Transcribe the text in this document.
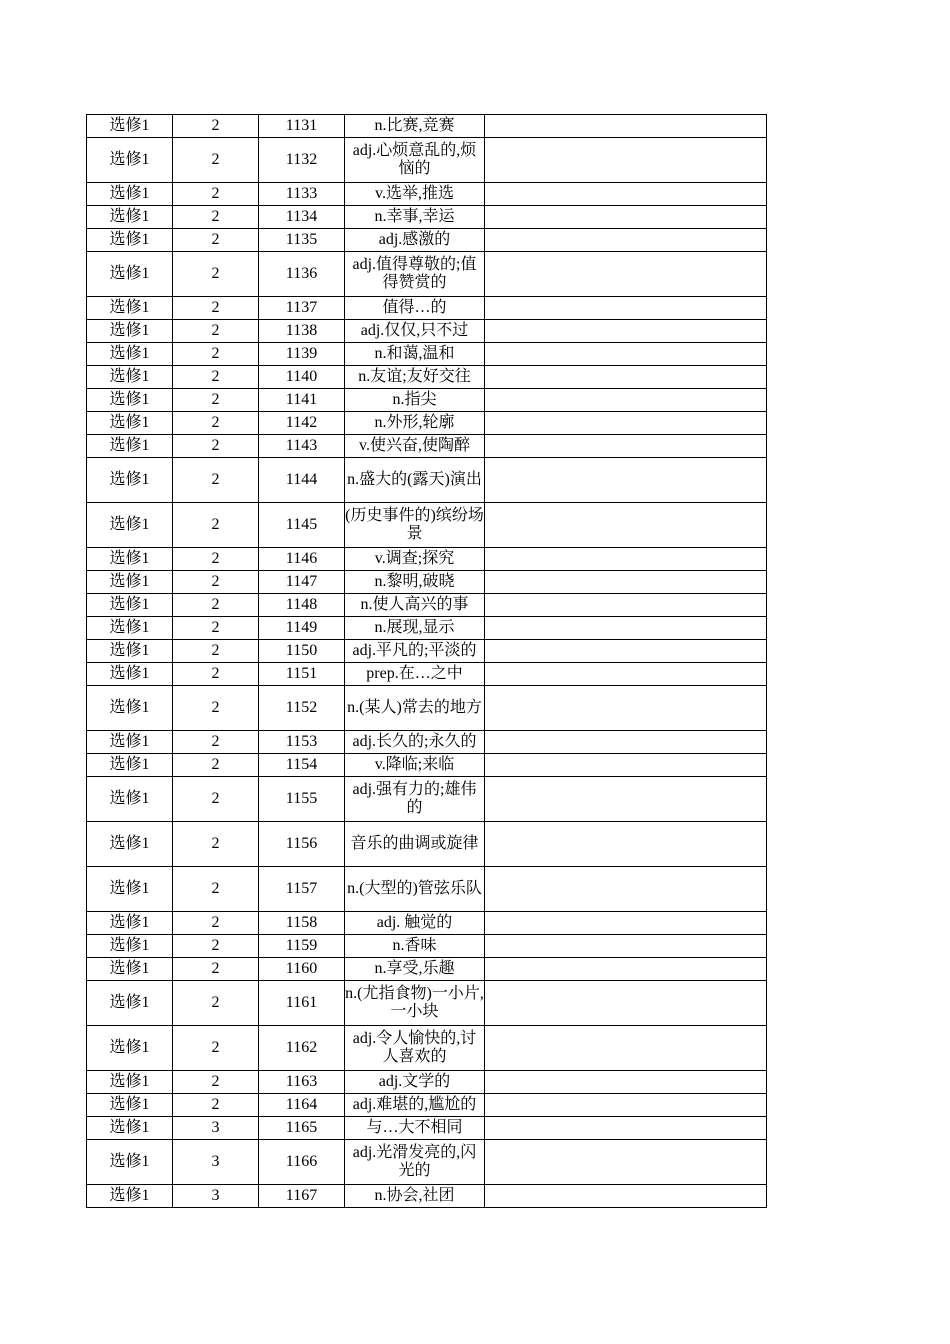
选修1	2	1131	n.比赛,竞赛	

选修1	2	1132	adj.心烦意乱的,烦恼的	

选修1	2	1133	v.选举,推选	

选修1	2	1134	n.幸事,幸运	

选修1	2	1135	adj.感激的	

选修1	2	1136	adj.值得尊敬的;值得赞赏的	

选修1	2	1137	值得…的	

选修1	2	1138	adj.仅仅,只不过	

选修1	2	1139	n.和蔼,温和	

选修1	2	1140	n.友谊;友好交往	

选修1	2	1141	n.指尖	

选修1	2	1142	n.外形,轮廓	

选修1	2	1143	v.使兴奋,使陶醉	

选修1	2	1144	n.盛大的(露天)演出	

选修1	2	1145	(历史事件的)缤纷场景	

选修1	2	1146	v.调查;探究	

选修1	2	1147	n.黎明,破晓	

选修1	2	1148	n.使人高兴的事	

选修1	2	1149	n.展现,显示	

选修1	2	1150	adj.平凡的;平淡的	

选修1	2	1151	prep.在…之中	

选修1	2	1152	n.(某人)常去的地方	

选修1	2	1153	adj.长久的;永久的	

选修1	2	1154	v.降临;来临	

选修1	2	1155	adj.强有力的;雄伟的	

选修1	2	1156	音乐的曲调或旋律	

选修1	2	1157	n.(大型的)管弦乐队	

选修1	2	1158	adj. 触觉的	

选修1	2	1159	n.香味	

选修1	2	1160	n.享受,乐趣	

选修1	2	1161	n.(尤指食物)一小片,一小块	

选修1	2	1162	adj.令人愉快的,讨人喜欢的	

选修1	2	1163	adj.文学的	

选修1	2	1164	adj.难堪的,尴尬的	

选修1	3	1165	与…大不相同	

选修1	3	1166	adj.光滑发亮的,闪光的	

选修1	3	1167	n.协会,社团	
